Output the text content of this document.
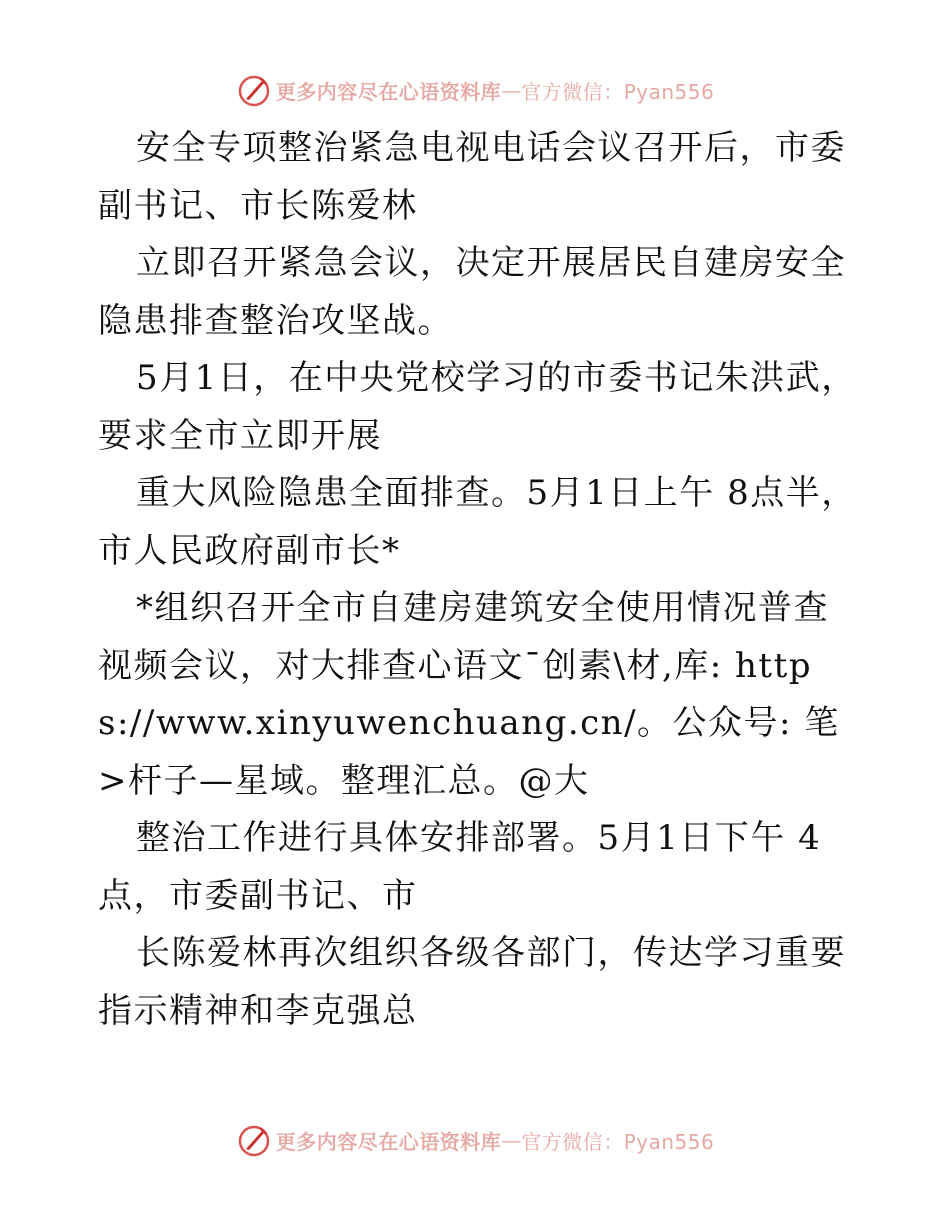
更多内容尽在心语资料库 — 官方微信：Pyan556

安全专项整治紧急电视电话会议召开后，市委副书记、市长陈爱林

立即召开紧急会议，决定开展居民自建房安全隐患排查整治攻坚战。

5月1日，在中央党校学习的市委书记朱洪武，要求全市立即开展

重大风险隐患全面排查。5月1日上午 8点半，市人民政府副市长*

*组织召开全市自建房建筑安全使用情况普查视频会议，对大排查心语文¯创素\材,库: https://www.xinyuwenchuang.cn/。公众号: 笔>杆子—星域。整理汇总。@大

整治工作进行具体安排部署。5月1日下午 4点，市委副书记、市

长陈爱林再次组织各级各部门，传达学习重要指示精神和李克强总

更多内容尽在心语资料库 — 官方微信：Pyan556
